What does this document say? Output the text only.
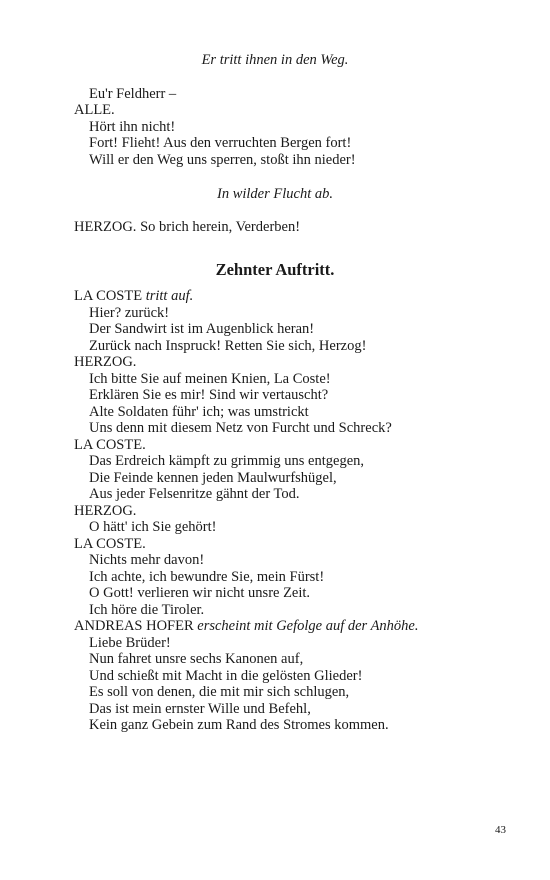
Er tritt ihnen in den Weg.
Eu'r Feldherr –
ALLE.
Hört ihn nicht!
Fort! Flieht! Aus den verruchten Bergen fort!
Will er den Weg uns sperren, stoßt ihn nieder!
In wilder Flucht ab.
HERZOG. So brich herein, Verderben!
Zehnter Auftritt.
LA COSTE tritt auf.
Hier? zurück!
Der Sandwirt ist im Augenblick heran!
Zurück nach Inspruck! Retten Sie sich, Herzog!
HERZOG.
Ich bitte Sie auf meinen Knien, La Coste!
Erklären Sie es mir! Sind wir vertauscht?
Alte Soldaten führ' ich; was umstrickt
Uns denn mit diesem Netz von Furcht und Schreck?
LA COSTE.
Das Erdreich kämpft zu grimmig uns entgegen,
Die Feinde kennen jeden Maulwurfshügel,
Aus jeder Felsenritze gähnt der Tod.
HERZOG.
O hätt' ich Sie gehört!
LA COSTE.
Nichts mehr davon!
Ich achte, ich bewundre Sie, mein Fürst!
O Gott! verlieren wir nicht unsre Zeit.
Ich höre die Tiroler.
ANDREAS HOFER erscheint mit Gefolge auf der Anhöhe.
Liebe Brüder!
Nun fahret unsre sechs Kanonen auf,
Und schießt mit Macht in die gelösten Glieder!
Es soll von denen, die mit mir sich schlugen,
Das ist mein ernster Wille und Befehl,
Kein ganz Gebein zum Rand des Stromes kommen.
43
